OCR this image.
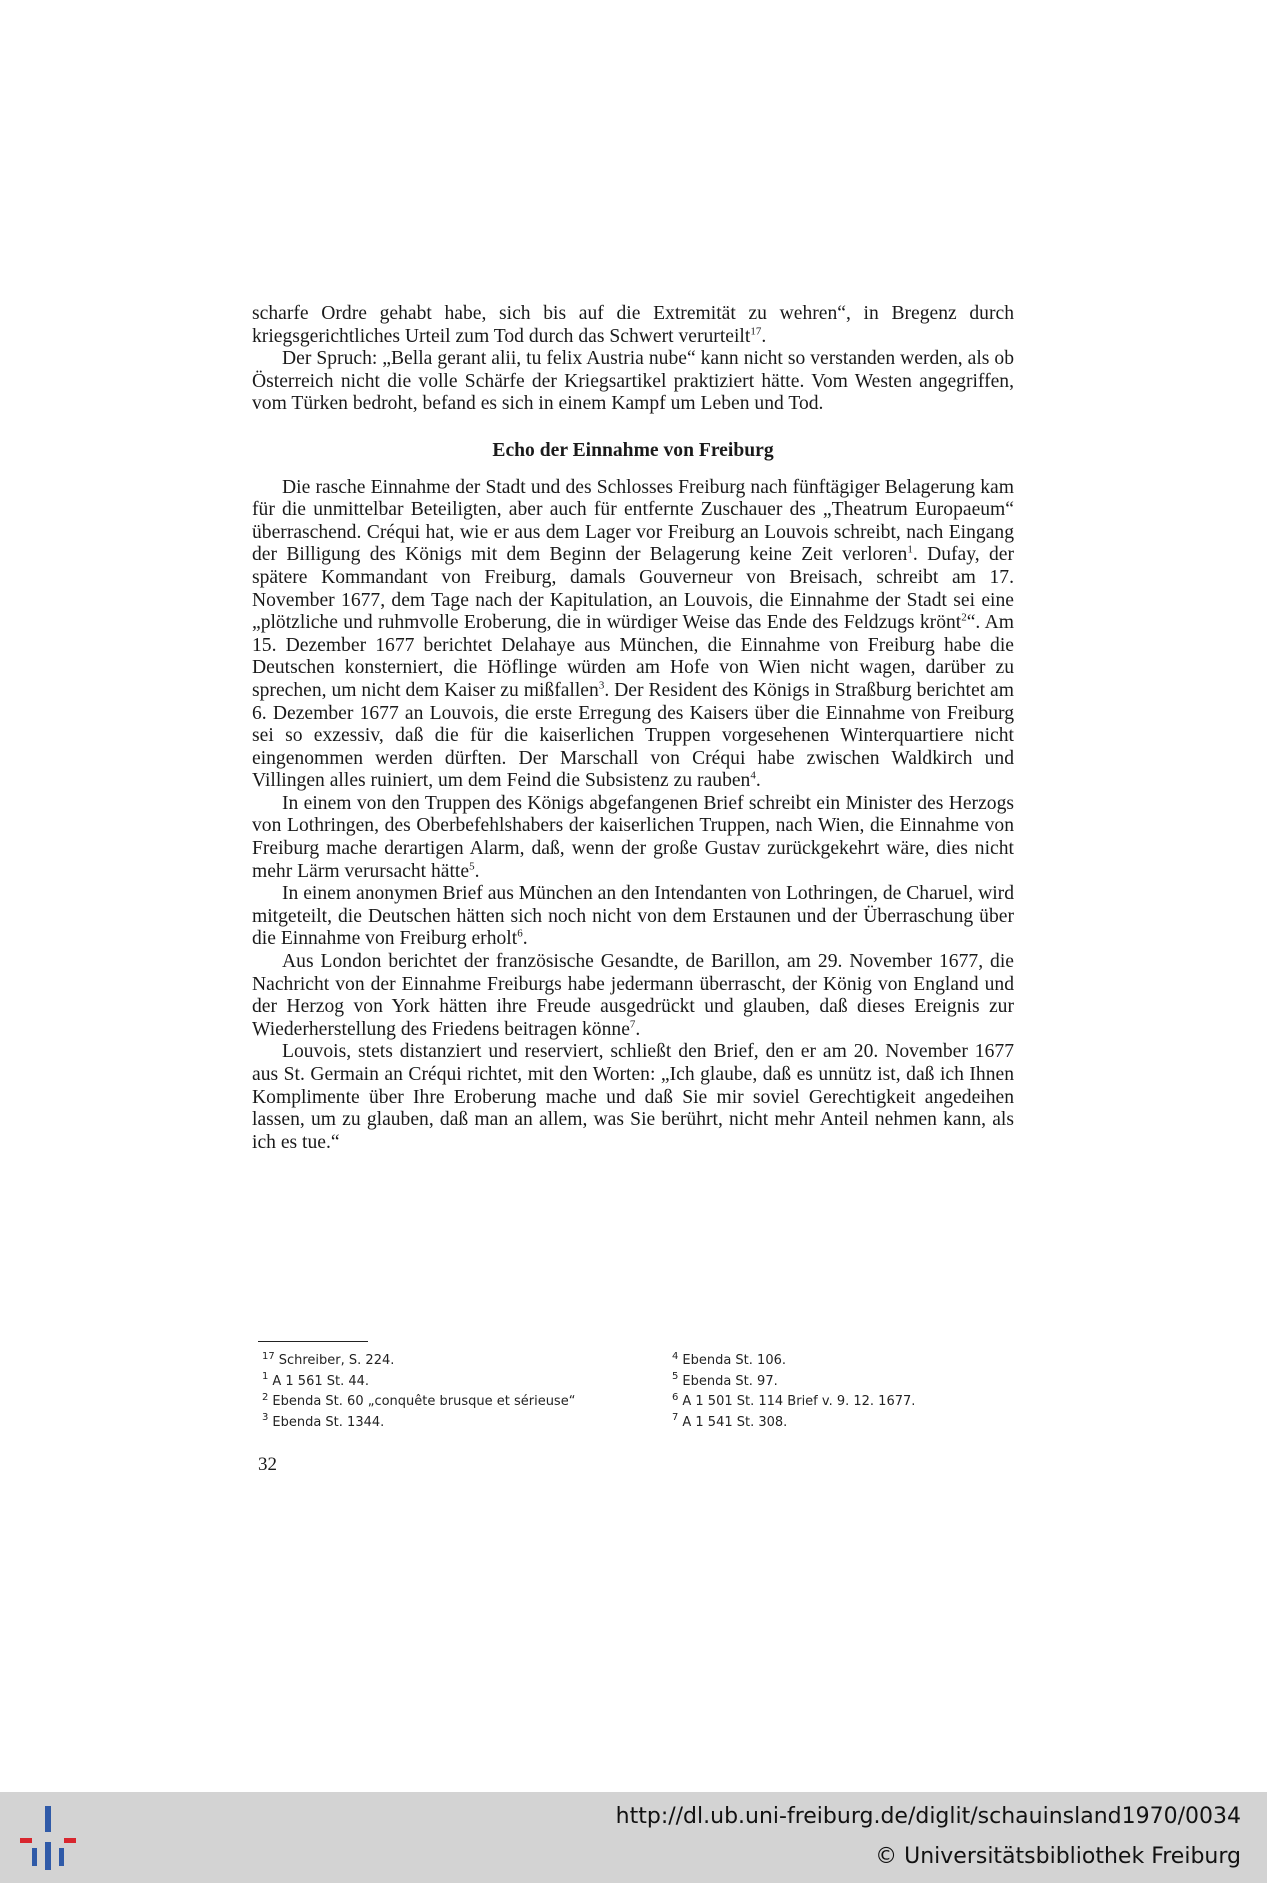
scharfe Ordre gehabt habe, sich bis auf die Extremität zu wehren“, in Bregenz durch kriegsgerichtliches Urteil zum Tod durch das Schwert verurteilt$^{17}$.

Der Spruch: „Bella gerant alii, tu felix Austria nube“ kann nicht so verstanden werden, als ob Österreich nicht die volle Schärfe der Kriegsartikel praktiziert hätte. Vom Westen angegriffen, vom Türken bedroht, befand es sich in einem Kampf um Leben und Tod.

Echo der Einnahme von Freiburg

Die rasche Einnahme der Stadt und des Schlosses Freiburg nach fünftägiger Belagerung kam für die unmittelbar Beteiligten, aber auch für entfernte Zuschauer des „Theatrum Europaeum“ überraschend. Créqui hat, wie er aus dem Lager vor Freiburg an Louvois schreibt, nach Eingang der Billigung des Königs mit dem Beginn der Belagerung keine Zeit verloren$^1$. Dufay, der spätere Kommandant von Freiburg, damals Gouverneur von Breisach, schreibt am 17. November 1677, dem Tage nach der Kapitulation, an Louvois, die Einnahme der Stadt sei eine „plötzliche und ruhmvolle Eroberung, die in würdiger Weise das Ende des Feldzugs krönt$^2$“. Am 15. Dezember 1677 berichtet Delahaye aus München, die Einnahme von Freiburg habe die Deutschen konsterniert, die Höflinge würden am Hofe von Wien nicht wagen, darüber zu sprechen, um nicht dem Kaiser zu mißfallen$^3$. Der Resident des Königs in Straßburg berichtet am 6. Dezember 1677 an Louvois, die erste Erregung des Kaisers über die Einnahme von Freiburg sei so exzessiv, daß die für die kaiserlichen Truppen vorgesehenen Winterquartiere nicht eingenommen werden dürften. Der Marschall von Créqui habe zwischen Waldkirch und Villingen alles ruiniert, um dem Feind die Subsistenz zu rauben$^4$.

In einem von den Truppen des Königs abgefangenen Brief schreibt ein Minister des Herzogs von Lothringen, des Oberbefehlshabers der kaiserlichen Truppen, nach Wien, die Einnahme von Freiburg mache derartigen Alarm, daß, wenn der große Gustav zurückgekehrt wäre, dies nicht mehr Lärm verursacht hätte$^5$.

In einem anonymen Brief aus München an den Intendanten von Lothringen, de Charuel, wird mitgeteilt, die Deutschen hätten sich noch nicht von dem Erstaunen und der Überraschung über die Einnahme von Freiburg erholt$^6$.

Aus London berichtet der französische Gesandte, de Barillon, am 29. November 1677, die Nachricht von der Einnahme Freiburgs habe jedermann überrascht, der König von England und der Herzog von York hätten ihre Freude ausgedrückt und glauben, daß dieses Ereignis zur Wiederherstellung des Friedens beitragen könne$^7$.

Louvois, stets distanziert und reserviert, schließt den Brief, den er am 20. November 1677 aus St. Germain an Créqui richtet, mit den Worten: „Ich glaube, daß es unnütz ist, daß ich Ihnen Komplimente über Ihre Eroberung mache und daß Sie mir soviel Gerechtigkeit angedeihen lassen, um zu glauben, daß man an allem, was Sie berührt, nicht mehr Anteil nehmen kann, als ich es tue.“

$^{17}$ Schreiber, S. 224.
$^1$ A 1 561 St. 44.
$^2$ Ebenda St. 60 „conquête brusque et sérieuse“
$^3$ Ebenda St. 1344.
$^4$ Ebenda St. 106.
$^5$ Ebenda St. 97.
$^6$ A 1 501 St. 114 Brief v. 9. 12. 1677.
$^7$ A 1 541 St. 308.
32
http://dl.ub.uni-freiburg.de/diglit/schauinsland1970/0034
© Universitätsbibliothek Freiburg
